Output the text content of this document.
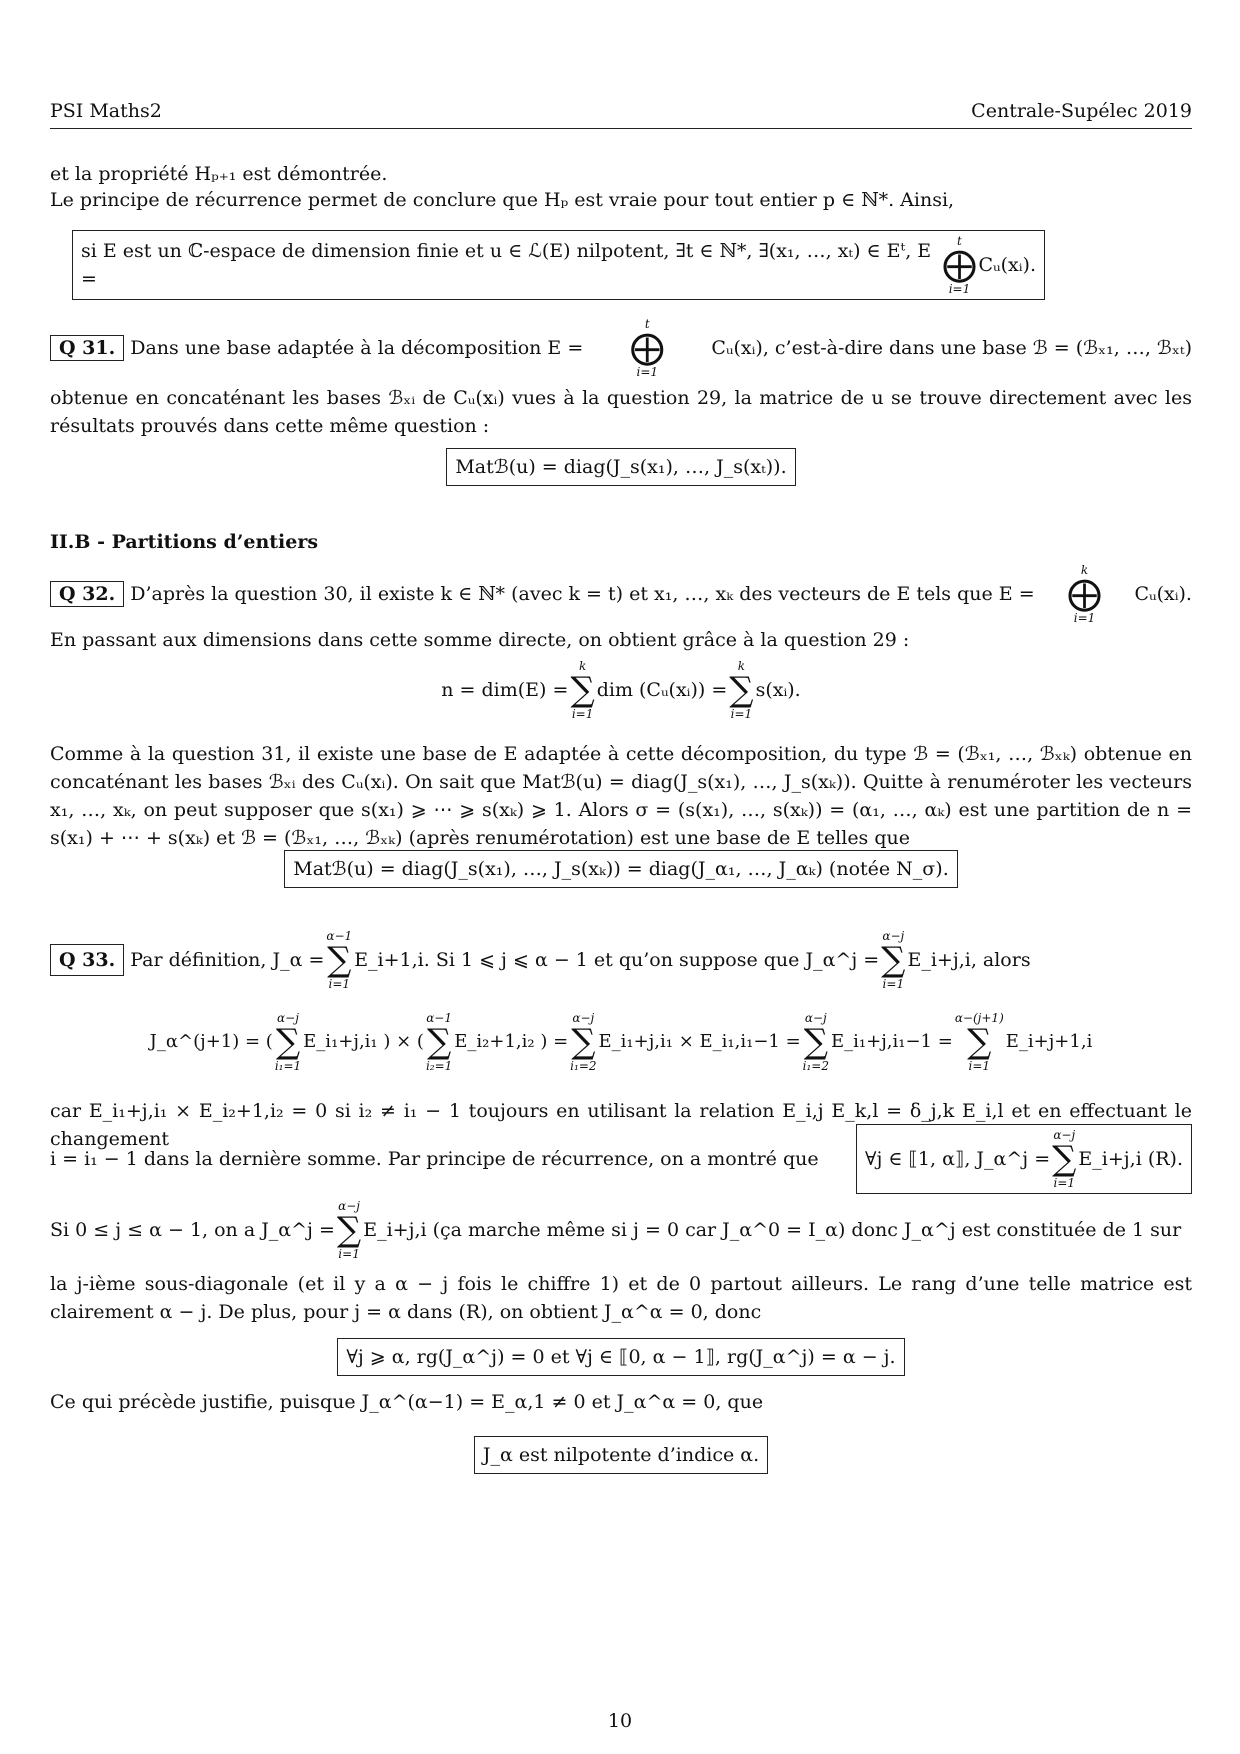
PSI Maths2	Centrale-Supélec 2019
et la propriété Hₚ₊₁ est démontrée.
Le principe de récurrence permet de conclure que Hₚ est vraie pour tout entier p ∈ ℕ*. Ainsi,
si E est un ℂ-espace de dimension finie et u ∈ ℒ(E) nilpotent, ∃t ∈ ℕ*, ∃(x₁, …, xₜ) ∈ Eᵗ, E =
t
⨁
i=1
Cᵤ(xᵢ).
Q 31. Dans une base adaptée à la décomposition E =
t
⨁
i=1
Cᵤ(xᵢ), c’est-à-dire dans une base ℬ = (ℬₓ₁, …, ℬₓₜ)
obtenue en concaténant les bases ℬₓᵢ de Cᵤ(xᵢ) vues à la question 29, la matrice de u se trouve directement avec les résultats prouvés dans cette même question :
Matℬ(u) = diag(J_s(x₁), …, J_s(xₜ)).
II.B - Partitions d’entiers
Q 32. D’après la question 30, il existe k ∈ ℕ* (avec k = t) et x₁, …, xₖ des vecteurs de E tels que E =
k
⨁
i=1
Cᵤ(xᵢ).
En passant aux dimensions dans cette somme directe, on obtient grâce à la question 29 :
n = dim(E) =
k
∑
i=1
dim (Cᵤ(xᵢ)) =
k
∑
i=1
s(xᵢ).
Comme à la question 31, il existe une base de E adaptée à cette décomposition, du type ℬ = (ℬₓ₁, …, ℬₓₖ) obtenue en concaténant les bases ℬₓᵢ des Cᵤ(xᵢ). On sait que Matℬ(u) = diag(J_s(x₁), …, J_s(xₖ)). Quitte à renuméroter les vecteurs x₁, …, xₖ, on peut supposer que s(x₁) ⩾ ⋯ ⩾ s(xₖ) ⩾ 1. Alors σ = (s(x₁), …, s(xₖ)) = (α₁, …, αₖ) est une partition de n = s(x₁) + ⋯ + s(xₖ) et ℬ = (ℬₓ₁, …, ℬₓₖ) (après renumérotation) est une base de E telles que
Matℬ(u) = diag(J_s(x₁), …, J_s(xₖ)) = diag(J_α₁, …, J_αₖ) (notée N_σ).
Q 33. Par définition, J_α =
α−1
∑
i=1
E_i+1,i. Si 1 ⩽ j ⩽ α − 1 et qu’on suppose que J_α^j =
α−j
∑
i=1
E_i+j,i, alors
J_α^(j+1) = (
α−j
∑
i₁=1
E_i₁+j,i₁ ) × (
α−1
∑
i₂=1
E_i₂+1,i₂ ) =
α−j
∑
i₁=2
E_i₁+j,i₁ × E_i₁,i₁−1 =
α−j
∑
i₁=2
E_i₁+j,i₁−1 =
α−(j+1)
∑
i=1
E_i+j+1,i
car E_i₁+j,i₁ × E_i₂+1,i₂ = 0 si i₂ ≠ i₁ − 1 toujours en utilisant la relation E_i,j E_k,l = δ_j,k E_i,l et en effectuant le changement
i = i₁ − 1 dans la dernière somme. Par principe de récurrence, on a montré que ∀j ∈ ⟦1, α⟧, J_α^j =
α−j
∑
i=1
E_i+j,i (R).
Si 0 ≤ j ≤ α − 1, on a J_α^j =
α−j
∑
i=1
E_i+j,i (ça marche même si j = 0 car J_α^0 = I_α) donc J_α^j est constituée de 1 sur
la j-ième sous-diagonale (et il y a α − j fois le chiffre 1) et de 0 partout ailleurs. Le rang d’une telle matrice est clairement α − j. De plus, pour j = α dans (R), on obtient J_α^α = 0, donc
∀j ⩾ α, rg(J_α^j) = 0 et ∀j ∈ ⟦0, α − 1⟧, rg(J_α^j) = α − j.
Ce qui précède justifie, puisque J_α^(α−1) = E_α,1 ≠ 0 et J_α^α = 0, que
J_α est nilpotente d’indice α.
10
